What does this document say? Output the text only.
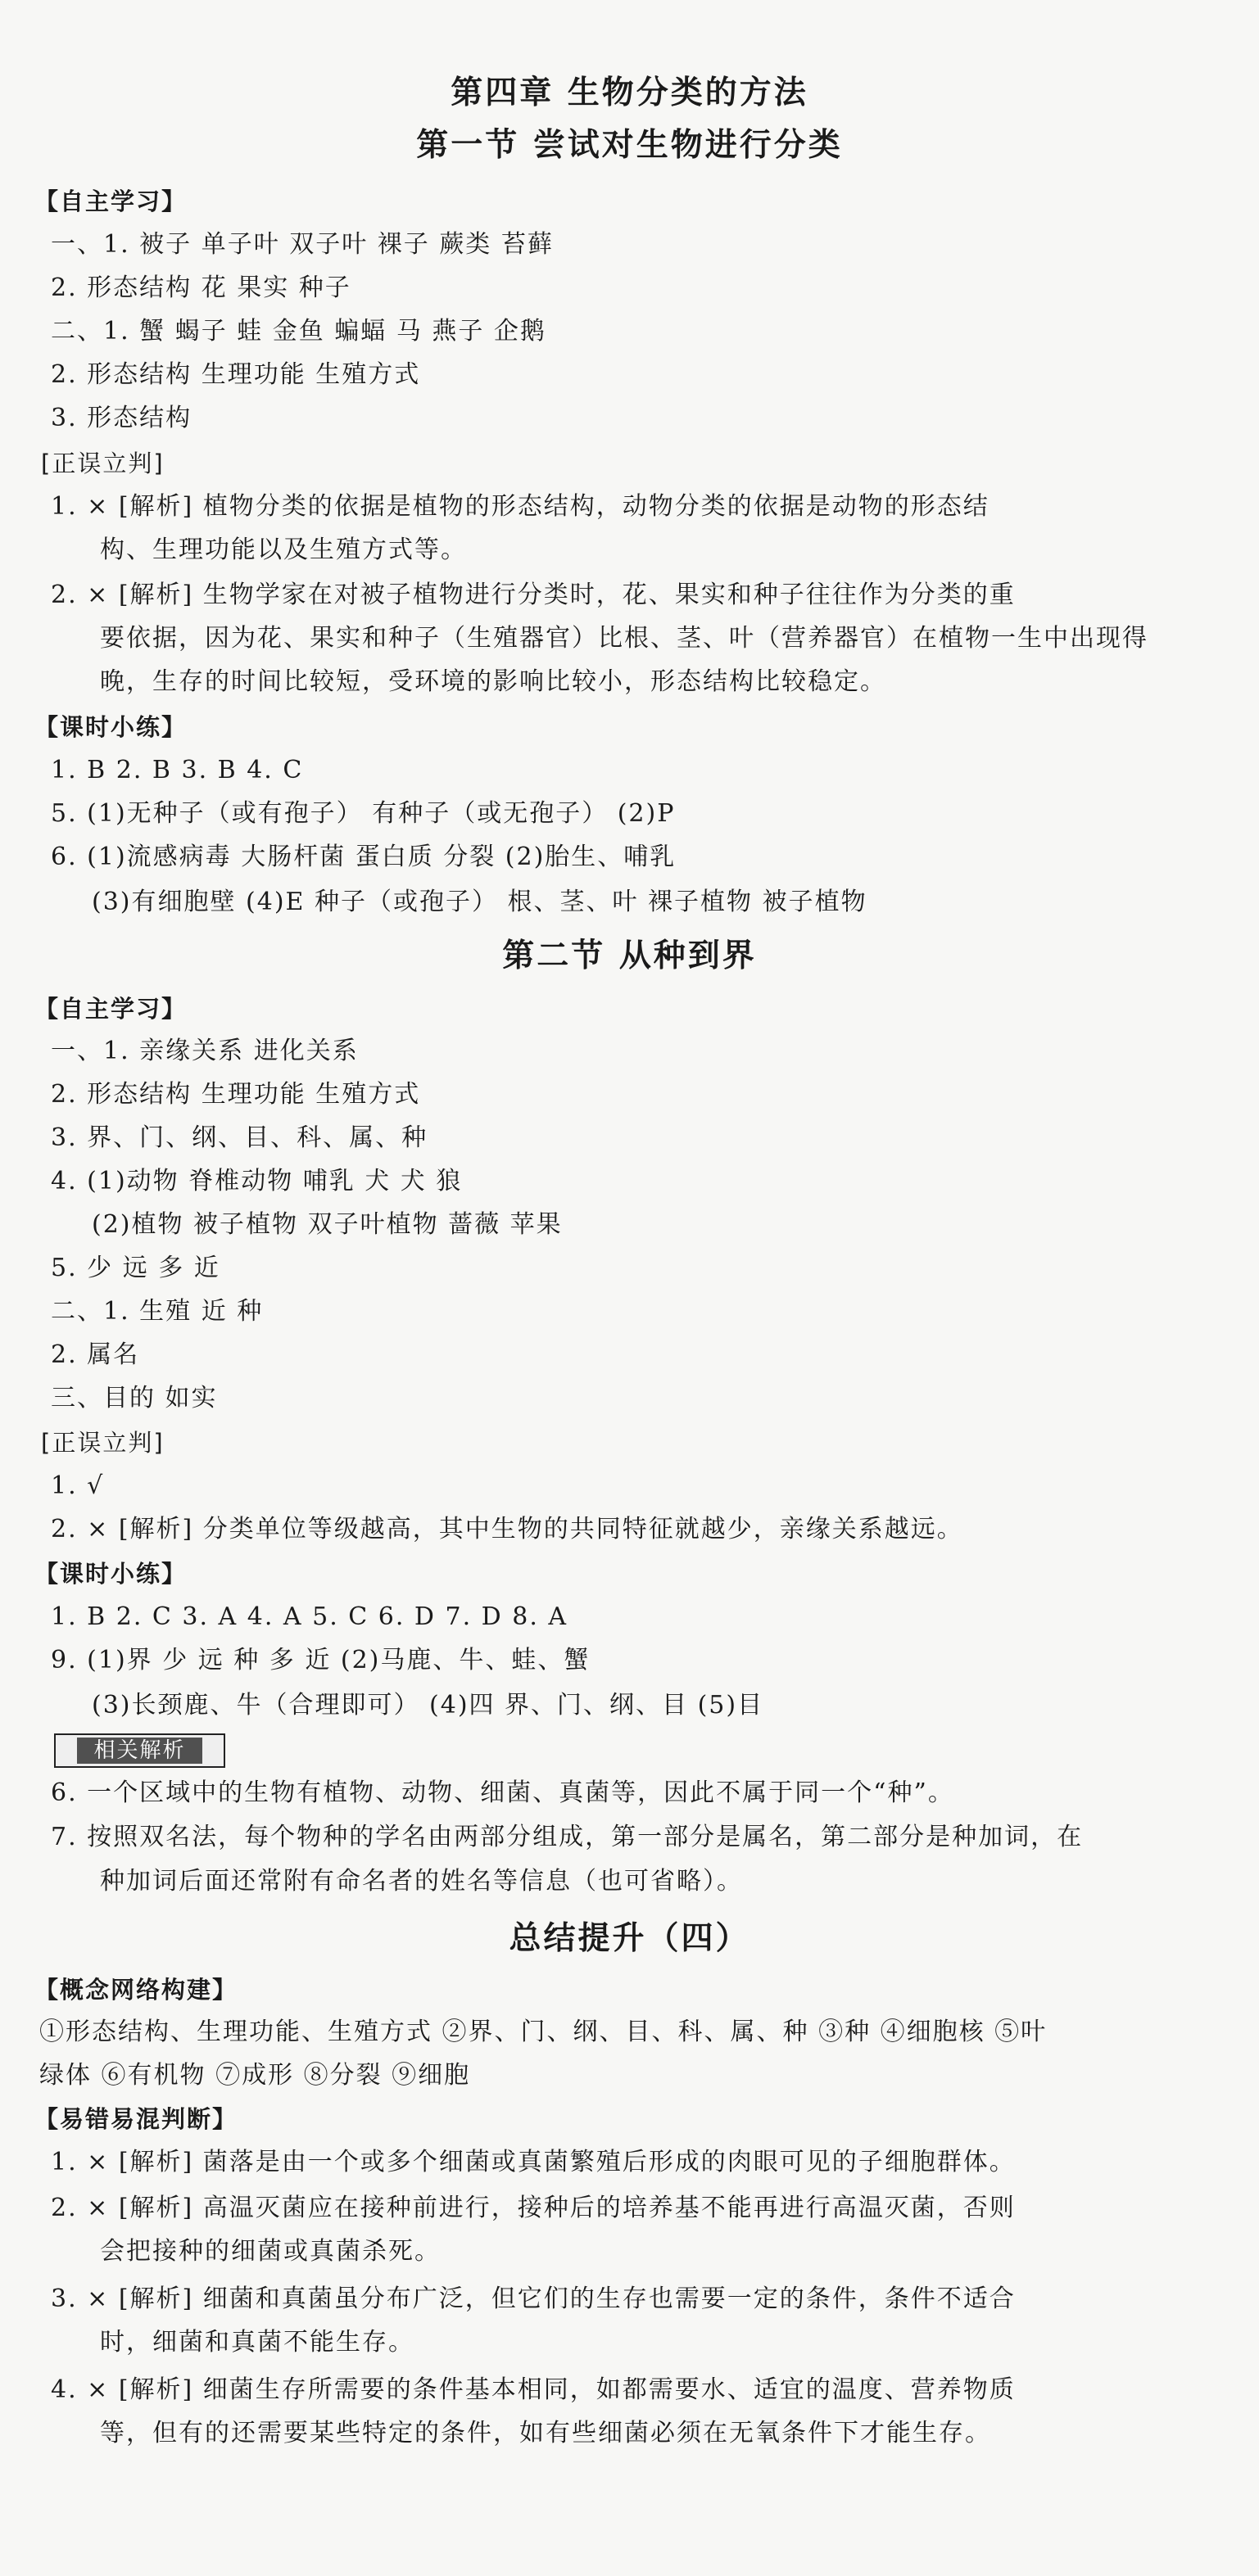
第四章 生物分类的方法
第一节 尝试对生物进行分类
【自主学习】
一、1. 被子 单子叶 双子叶 裸子 蕨类 苔藓
2. 形态结构 花 果实 种子
二、1. 蟹 蝎子 蛙 金鱼 蝙蝠 马 燕子 企鹅
2. 形态结构 生理功能 生殖方式
3. 形态结构
[正误立判]
1. × [解析] 植物分类的依据是植物的形态结构，动物分类的依据是动物的形态结
构、生理功能以及生殖方式等。
2. × [解析] 生物学家在对被子植物进行分类时，花、果实和种子往往作为分类的重
要依据，因为花、果实和种子（生殖器官）比根、茎、叶（营养器官）在植物一生中出现得
晚，生存的时间比较短，受环境的影响比较小，形态结构比较稳定。
【课时小练】
1. B 2. B 3. B 4. C
5. (1)无种子（或有孢子） 有种子（或无孢子） (2)P
6. (1)流感病毒 大肠杆菌 蛋白质 分裂 (2)胎生、哺乳
(3)有细胞壁 (4)E 种子（或孢子） 根、茎、叶 裸子植物 被子植物
第二节 从种到界
【自主学习】
一、1. 亲缘关系 进化关系
2. 形态结构 生理功能 生殖方式
3. 界、门、纲、目、科、属、种
4. (1)动物 脊椎动物 哺乳 犬 犬 狼
(2)植物 被子植物 双子叶植物 蔷薇 苹果
5. 少 远 多 近
二、1. 生殖 近 种
2. 属名
三、目的 如实
[正误立判]
1. √
2. × [解析] 分类单位等级越高，其中生物的共同特征就越少，亲缘关系越远。
【课时小练】
1. B 2. C 3. A 4. A 5. C 6. D 7. D 8. A
9. (1)界 少 远 种 多 近 (2)马鹿、牛、蛙、蟹
(3)长颈鹿、牛（合理即可） (4)四 界、门、纲、目 (5)目
相关解析
6. 一个区域中的生物有植物、动物、细菌、真菌等，因此不属于同一个“种”。
7. 按照双名法，每个物种的学名由两部分组成，第一部分是属名，第二部分是种加词，在
种加词后面还常附有命名者的姓名等信息（也可省略）。
总结提升（四）
【概念网络构建】
①形态结构、生理功能、生殖方式 ②界、门、纲、目、科、属、种 ③种 ④细胞核 ⑤叶
绿体 ⑥有机物 ⑦成形 ⑧分裂 ⑨细胞
【易错易混判断】
1. × [解析] 菌落是由一个或多个细菌或真菌繁殖后形成的肉眼可见的子细胞群体。
2. × [解析] 高温灭菌应在接种前进行，接种后的培养基不能再进行高温灭菌，否则
会把接种的细菌或真菌杀死。
3. × [解析] 细菌和真菌虽分布广泛，但它们的生存也需要一定的条件，条件不适合
时，细菌和真菌不能生存。
4. × [解析] 细菌生存所需要的条件基本相同，如都需要水、适宜的温度、营养物质
等，但有的还需要某些特定的条件，如有些细菌必须在无氧条件下才能生存。
